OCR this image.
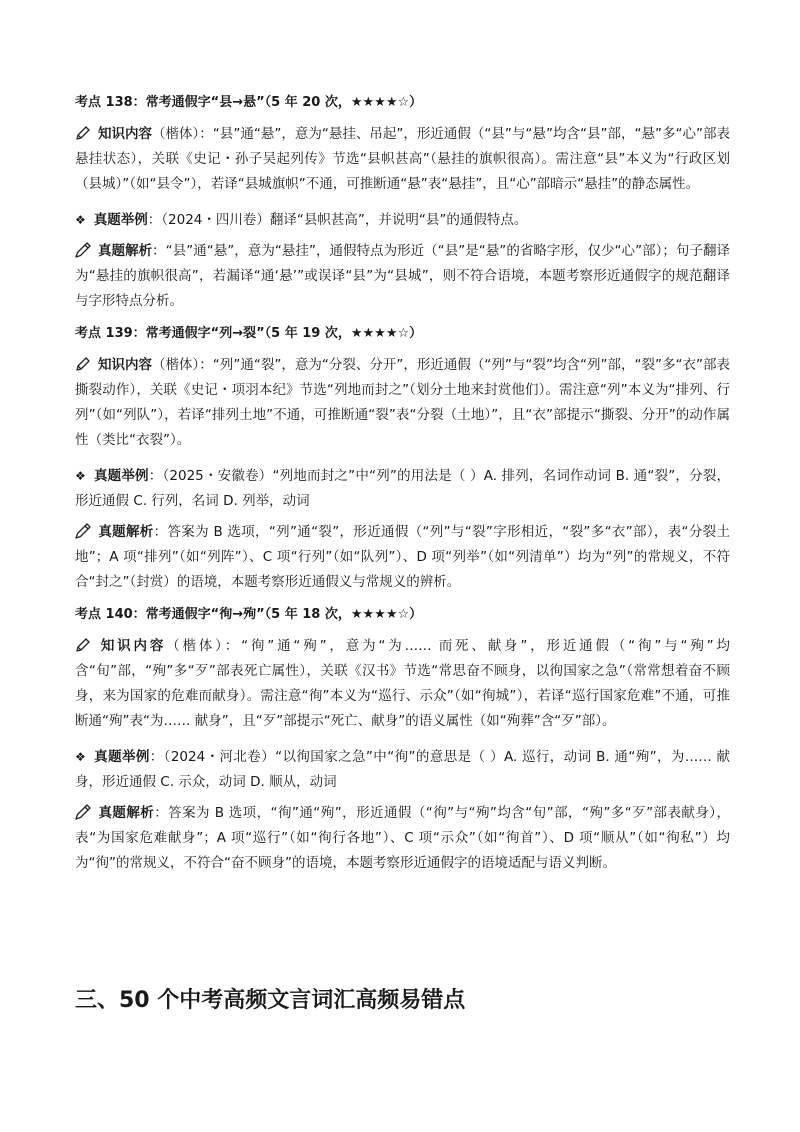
考点 138：常考通假字“县→悬”（5 年 20 次，★★★★☆）

知识内容（楷体）：“县”通“悬”，意为“悬挂、吊起”，形近通假（“县”与“悬”均含“县”部，“悬”多“心”部表悬挂状态），关联《史记・孙子吴起列传》节选“县帜甚高”（悬挂的旗帜很高）。需注意“县”本义为“行政区划（县城）”（如“县令”），若译“县城旗帜”不通，可推断通“悬”表“悬挂”，且“心”部暗示“悬挂”的静态属性。

❖ 真题举例：（2024・四川卷）翻译“县帜甚高”，并说明“县”的通假特点。

真题解析：“县”通“悬”，意为“悬挂”，通假特点为形近（“县”是“悬”的省略字形，仅少“心”部）；句子翻译为“悬挂的旗帜很高”，若漏译“通‘悬’”或误译“县”为“县城”，则不符合语境，本题考察形近通假字的规范翻译与字形特点分析。

考点 139：常考通假字“列→裂”（5 年 19 次，★★★★☆）

知识内容（楷体）：“列”通“裂”，意为“分裂、分开”，形近通假（“列”与“裂”均含“列”部，“裂”多“衣”部表撕裂动作），关联《史记・项羽本纪》节选“列地而封之”（划分土地来封赏他们）。需注意“列”本义为“排列、行列”（如“列队”），若译“排列土地”不通，可推断通“裂”表“分裂（土地）”，且“衣”部提示“撕裂、分开”的动作属性（类比“衣裂”）。

❖ 真题举例：（2025・安徽卷）“列地而封之”中“列”的用法是（ ）A. 排列，名词作动词 B. 通“裂”，分裂，形近通假 C. 行列，名词 D. 列举，动词

真题解析：答案为 B 选项，“列”通“裂”，形近通假（“列”与“裂”字形相近，“裂”多“衣”部），表“分裂土地”；A 项“排列”（如“列阵”）、C 项“行列”（如“队列”）、D 项“列举”（如“列清单”）均为“列”的常规义，不符合“封之”（封赏）的语境，本题考察形近通假义与常规义的辨析。

考点 140：常考通假字“徇→殉”（5 年 18 次，★★★★☆）

知识内容（楷体）：“徇”通“殉”，意为“为…… 而死、献身”，形近通假（“徇”与“殉”均含“旬”部，“殉”多“歹”部表死亡属性），关联《汉书》节选“常思奋不顾身，以徇国家之急”（常常想着奋不顾身，来为国家的危难而献身）。需注意“徇”本义为“巡行、示众”（如“徇城”），若译“巡行国家危难”不通，可推断通“殉”表“为…… 献身”，且“歹”部提示“死亡、献身”的语义属性（如“殉葬”含“歹”部）。

❖ 真题举例：（2024・河北卷）“以徇国家之急”中“徇”的意思是（ ）A. 巡行，动词 B. 通“殉”，为…… 献身，形近通假 C. 示众，动词 D. 顺从，动词

真题解析：答案为 B 选项，“徇”通“殉”，形近通假（“徇”与“殉”均含“旬”部，“殉”多“歹”部表献身），表“为国家危难献身”；A 项“巡行”（如“徇行各地”）、C 项“示众”（如“徇首”）、D 项“顺从”（如“徇私”）均为“徇”的常规义，不符合“奋不顾身”的语境，本题考察形近通假字的语境适配与语义判断。

三、50 个中考高频文言词汇高频易错点
